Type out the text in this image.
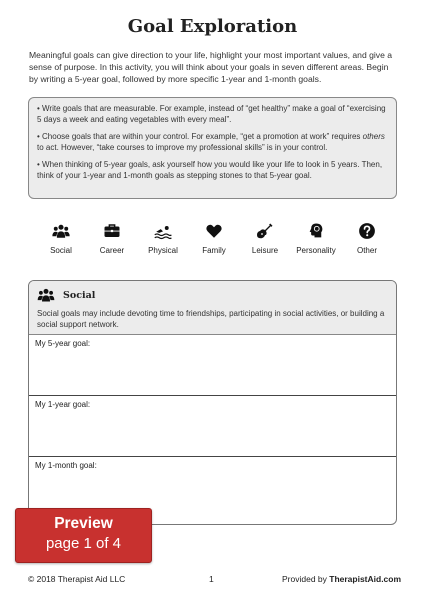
Goal Exploration

Meaningful goals can give direction to your life, highlight your most important values, and give a sense of purpose. In this activity, you will think about your goals in seven different areas. Begin by writing a 5-year goal, followed by more specific 1-year and 1-month goals.

• Write goals that are measurable. For example, instead of “get healthy” make a goal of “exercising 5 days a week and eating vegetables with every meal”.

• Choose goals that are within your control. For example, “get a promotion at work” requires others to act. However, “take courses to improve my professional skills” is in your control.

• When thinking of 5-year goals, ask yourself how you would like your life to look in 5 years. Then, think of your 1-year and 1-month goals as stepping stones to that 5-year goal.

Social	Career	Physical	Family	Leisure Personality	Other
Social

Social goals may include devoting time to friendships, participating in social activities, or building a social support network.

My 5-year goal:
My 1-year goal:
My 1-month goal:
Preview
page 1 of 4
© 2018 Therapist Aid LLC	1	Provided by TherapistAid.com
